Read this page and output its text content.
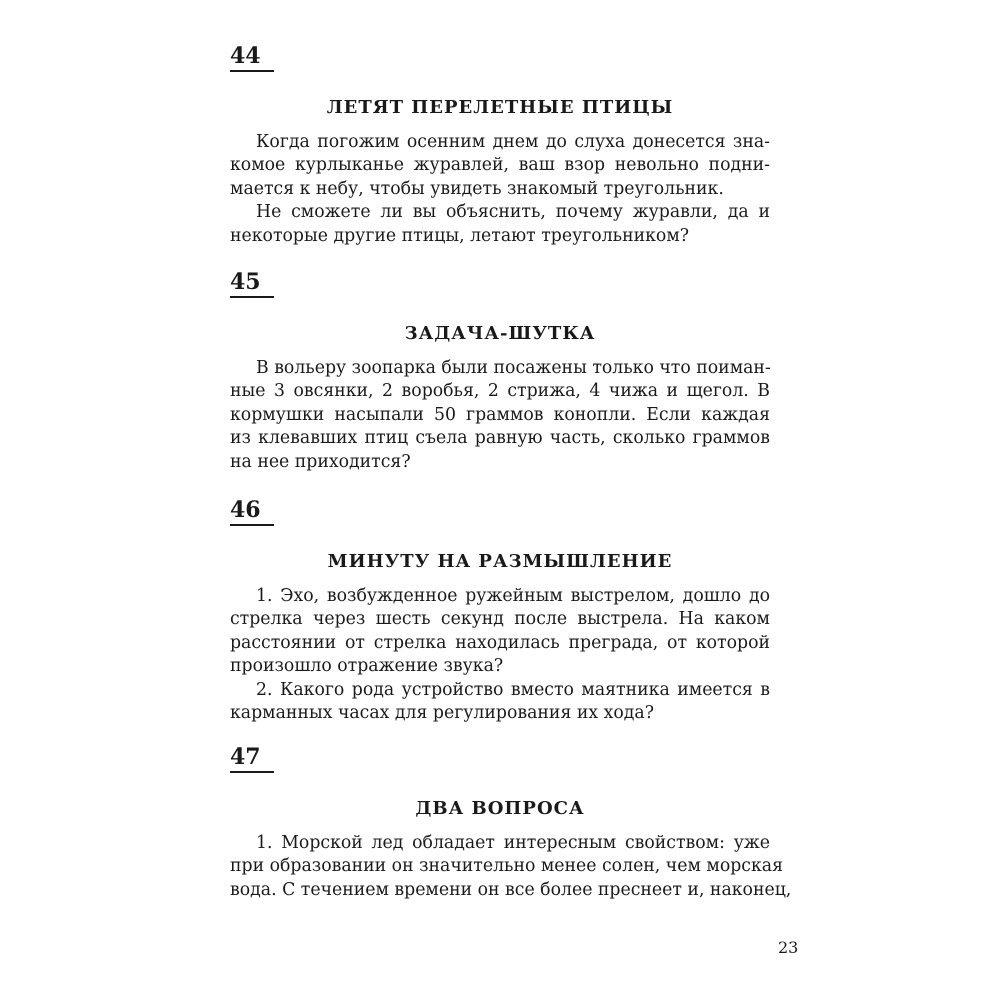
44
ЛЕТЯТ ПЕРЕЛЕТНЫЕ ПТИЦЫ
Когда погожим осенним днем до слуха донесется зна-
комое курлыканье журавлей, ваш взор невольно подни-
мается к небу, чтобы увидеть знакомый треугольник.
Не сможете ли вы объяснить, почему журавли, да и
некоторые другие птицы, летают треугольником?
45
ЗАДАЧА-ШУТКА
В вольеру зоопарка были посажены только что поиман-
ные 3 овсянки, 2 воробья, 2 стрижа, 4 чижа и щегол. В
кормушки насыпали 50 граммов конопли. Если каждая
из клевавших птиц съела равную часть, сколько граммов
на нее приходится?
46
МИНУТУ НА РАЗМЫШЛЕНИЕ
1. Эхо, возбужденное ружейным выстрелом, дошло до
стрелка через шесть секунд после выстрела. На каком
расстоянии от стрелка находилась преграда, от которой
произошло отражение звука?
2. Какого рода устройство вместо маятника имеется в
карманных часах для регулирования их хода?
47
ДВА ВОПРОСА
1. Морской лед обладает интересным свойством: уже
при образовании он значительно менее солен, чем морская
вода. С течением времени он все более преснеет и, наконец,
23
